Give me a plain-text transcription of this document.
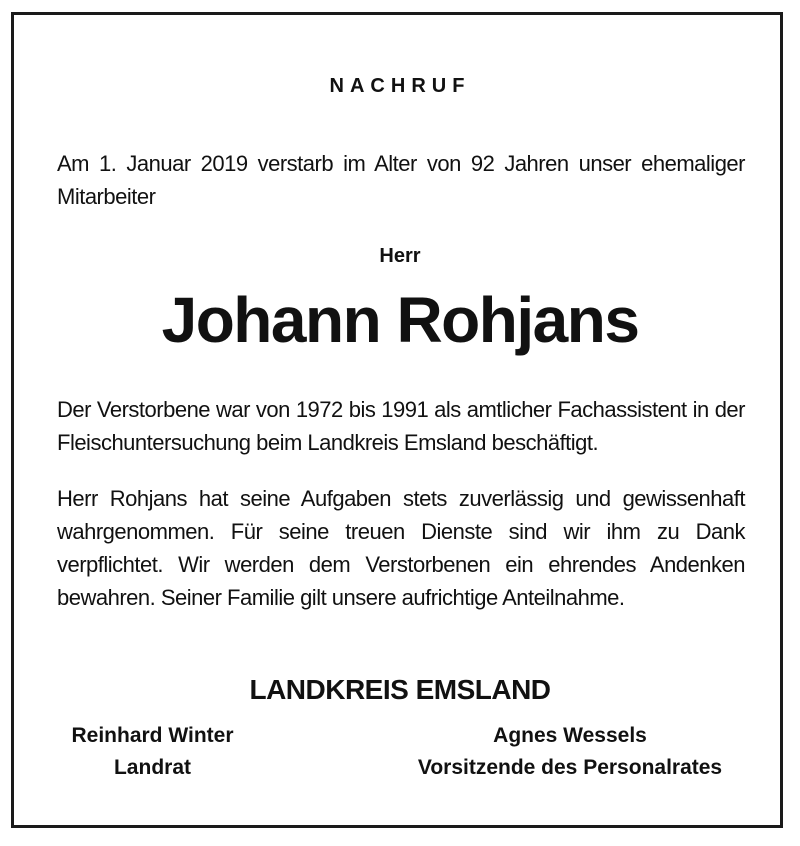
NACHRUF

Am 1. Januar 2019 verstarb im Alter von 92 Jahren unser ehemaliger Mitarbeiter

Herr
Johann Rohjans

Der Verstorbene war von 1972 bis 1991 als amtlicher Fachassistent in der Fleischuntersuchung beim Landkreis Emsland beschäftigt.

Herr Rohjans hat seine Aufgaben stets zuverlässig und gewissenhaft wahrgenommen. Für seine treuen Dienste sind wir ihm zu Dank verpflichtet. Wir werden dem Verstorbenen ein ehrendes Andenken bewahren. Seiner Familie gilt unsere aufrichtige Anteilnahme.

LANDKREIS EMSLAND
Reinhard Winter
Landrat
Agnes Wessels
Vorsitzende des Personalrates
